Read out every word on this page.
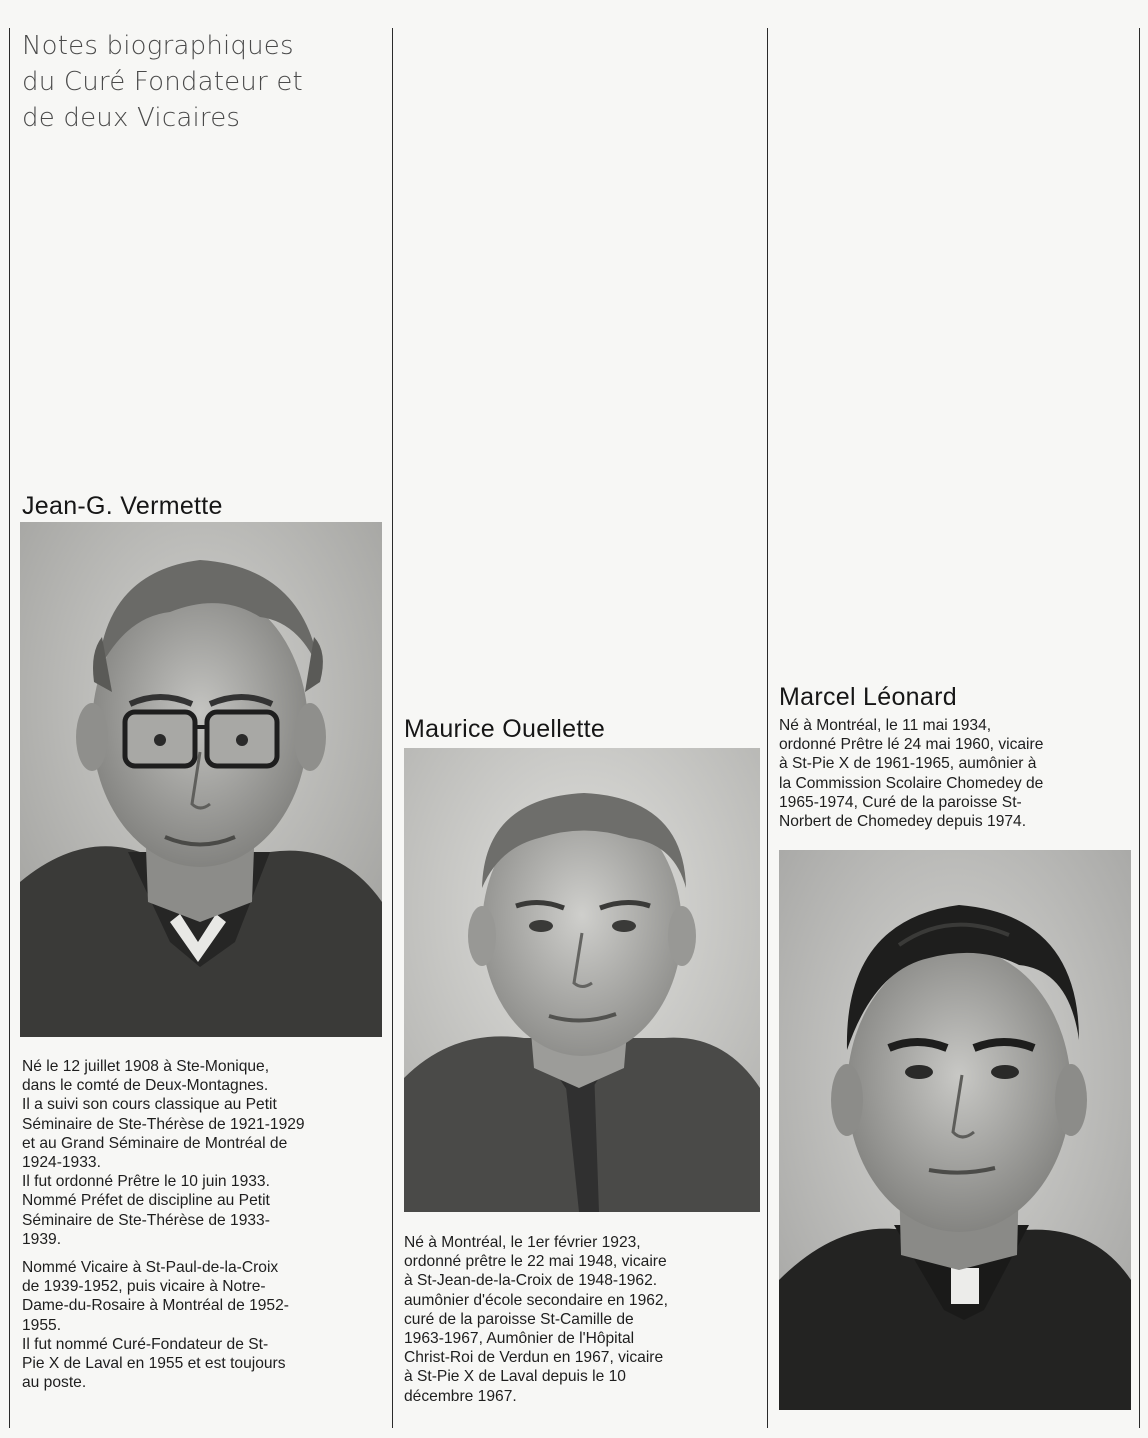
Notes biographiques
du Curé Fondateur et
de deux Vicaires
Jean-G. Vermette
Né le 12 juillet 1908 à Ste-Monique,
dans le comté de Deux-Montagnes.
Il a suivi son cours classique au Petit
Séminaire de Ste-Thérèse de 1921-1929
et au Grand Séminaire de Montréal de
1924-1933.
Il fut ordonné Prêtre le 10 juin 1933.
Nommé Préfet de discipline au Petit
Séminaire de Ste-Thérèse de 1933-
1939.
Nommé Vicaire à St-Paul-de-la-Croix
de 1939-1952, puis vicaire à Notre-
Dame-du-Rosaire à Montréal de 1952-
1955.
Il fut nommé Curé-Fondateur de St-
Pie X de Laval en 1955 et est toujours
au poste.
Maurice Ouellette
Né à Montréal, le 1er février 1923,
ordonné prêtre le 22 mai 1948, vicaire
à St-Jean-de-la-Croix de 1948-1962.
aumônier d'école secondaire en 1962,
curé de la paroisse St-Camille de
1963-1967, Aumônier de l'Hôpital
Christ-Roi de Verdun en 1967, vicaire
à St-Pie X de Laval depuis le 10
décembre 1967.
Marcel Léonard
Né à Montréal, le 11 mai 1934,
ordonné Prêtre lé 24 mai 1960, vicaire
à St-Pie X de 1961-1965, aumônier à
la Commission Scolaire Chomedey de
1965-1974, Curé de la paroisse St-
Norbert de Chomedey depuis 1974.
